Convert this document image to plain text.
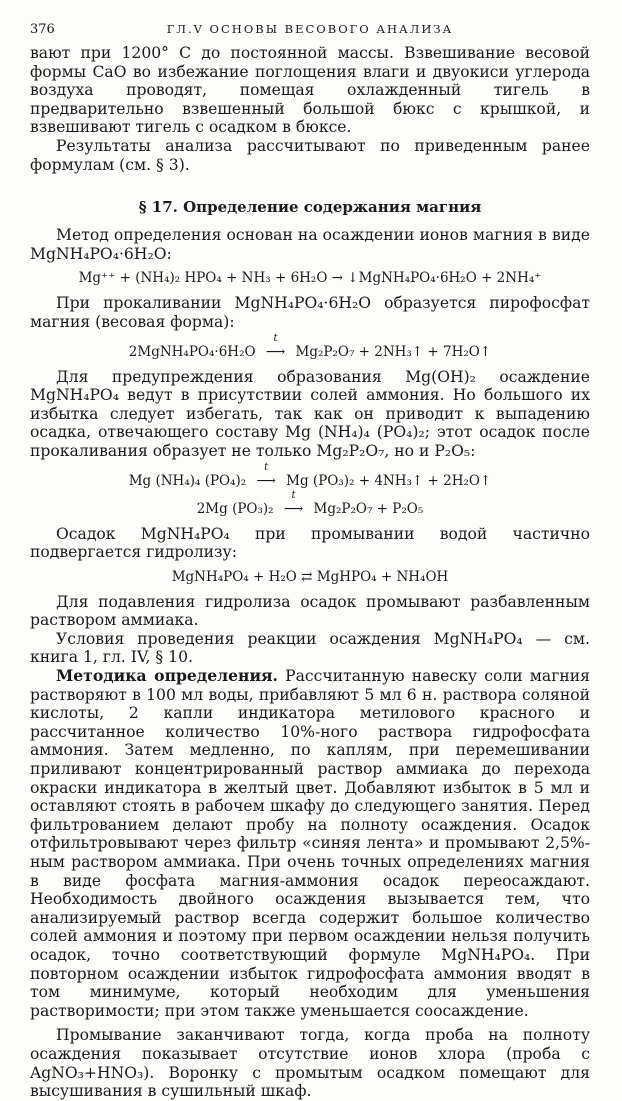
376	ГЛ.V ОСНОВЫ ВЕСОВОГО АНАЛИЗА

вают при 1200° С до постоянной массы. Взвешивание весовой формы CaO во избежание поглощения влаги и двуокиси углерода воздуха проводят, помещая охлажденный тигель в предварительно взвешенный большой бюкс с крышкой, и взвешивают тигель с осадком в бюксе.

Результаты анализа рассчитывают по приведенным ранее формулам (см. § 3).

§ 17. Определение содержания магния

Метод определения основан на осаждении ионов магния в виде MgNH₄PO₄·6H₂O:

Mg⁺⁺ + (NH₄)₂ HPO₄ + NH₃ + 6H₂O → ↓MgNH₄PO₄·6H₂O + 2NH₄⁺

При прокаливании MgNH₄PO₄·6H₂O образуется пирофосфат магния (весовая форма):

2MgNH₄PO₄·6H₂O
t
⟶ Mg₂P₂O₇ + 2NH₃↑ + 7H₂O↑

Для предупреждения образования Mg(OH)₂ осаждение MgNH₄PO₄ ведут в присутствии солей аммония. Но большого их избытка следует избегать, так как он приводит к выпадению осадка, отвечающего составу Mg (NH₄)₄ (PO₄)₂; этот осадок после прокаливания образует не только Mg₂P₂O₇, но и P₂O₅:

Mg (NH₄)₄ (PO₄)₂
t
⟶ Mg (PO₃)₂ + 4NH₃↑ + 2H₂O↑
2Mg (PO₃)₂
t
⟶ Mg₂P₂O₇ + P₂O₅

Осадок MgNH₄PO₄ при промывании водой частично подвергается гидролизу:

MgNH₄PO₄ + H₂O ⇄ MgHPO₄ + NH₄OH

Для подавления гидролиза осадок промывают разбавленным раствором аммиака.

Условия проведения реакции осаждения MgNH₄PO₄ — см. книга 1, гл. IV, § 10.

Методика определения. Рассчитанную навеску соли магния растворяют в 100 мл воды, прибавляют 5 мл 6 н. раствора соляной кислоты, 2 капли индикатора метилового красного и рассчитанное количество 10%-ного раствора гидрофосфата аммония. Затем медленно, по каплям, при перемешивании приливают концентрированный раствор аммиака до перехода окраски индикатора в желтый цвет. Добавляют избыток в 5 мл и оставляют стоять в рабочем шкафу до следующего занятия. Перед фильтрованием делают пробу на полноту осаждения. Осадок отфильтровывают через фильтр «синяя лента» и промывают 2,5%-ным раствором аммиака. При очень точных определениях магния в виде фосфата магния-аммония осадок переосаждают. Необходимость двойного осаждения вызывается тем, что анализируемый раствор всегда содержит большое количество солей аммония и поэтому при первом осаждении нельзя получить осадок, точно соответствующий формуле MgNH₄PO₄. При повторном осаждении избыток гидрофосфата аммония вводят в том минимуме, который необходим для уменьшения растворимости; при этом также уменьшается соосаждение.

Промывание заканчивают тогда, когда проба на полноту осаждения показывает отсутствие ионов хлора (проба с AgNO₃+HNO₃). Воронку с промытым осадком помещают для высушивания в сушильный шкаф.
